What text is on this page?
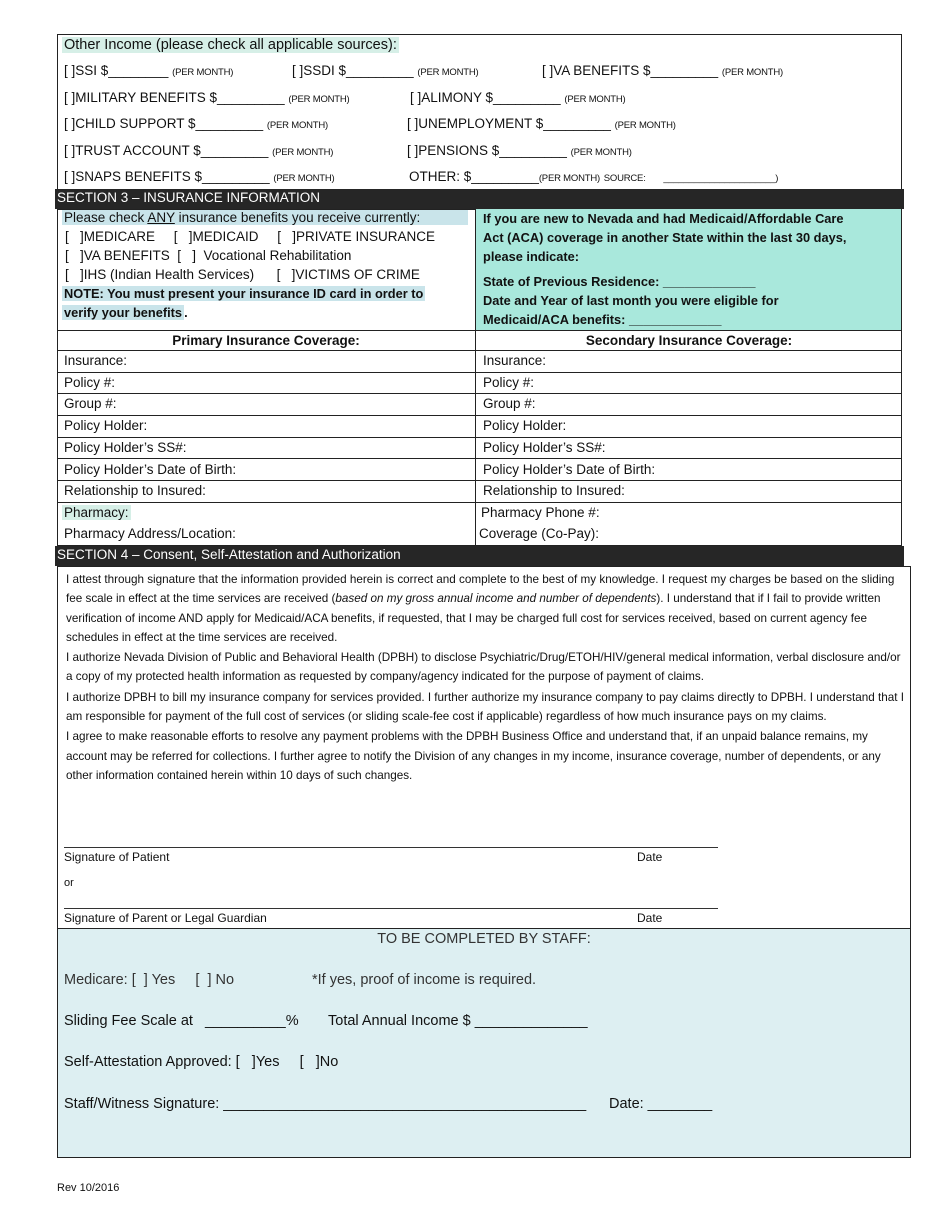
Other Income (please check all applicable sources):
[ ]SSI $________ (PER MONTH)	[ ]SSDI $_________ (PER MONTH)	[ ]VA BENEFITS $_________ (PER MONTH)
[ ]MILITARY BENEFITS $_________ (PER MONTH)	[ ]ALIMONY $_________ (PER MONTH)
[ ]CHILD SUPPORT $_________ (PER MONTH)	[ ]UNEMPLOYMENT $_________ (PER MONTH)
[ ]TRUST ACCOUNT $_________ (PER MONTH)	[ ]PENSIONS $_________ (PER MONTH)
[ ]SNAPS BENEFITS $_________ (PER MONTH)	OTHER: $_________(PER MONTH) SOURCE: ______________________)
SECTION 3 – INSURANCE INFORMATION
Please check ANY insurance benefits you receive currently:
[   ]MEDICARE     [   ]MEDICAID     [   ]PRIVATE INSURANCE
[   ]VA BENEFITS  [   ]  Vocational Rehabilitation
[   ]IHS (Indian Health Services)      [   ]VICTIMS OF CRIME
NOTE: You must present your insurance ID card in order to
verify your benefits .
If you are new to Nevada and had Medicaid/Affordable Care
Act (ACA) coverage in another State within the last 30 days,
please indicate:
State of Previous Residence: _____________
Date and Year of last month you were eligible for
Medicaid/ACA benefits: _____________
Primary Insurance Coverage:	Secondary Insurance Coverage:
Insurance:	Insurance:
Policy #:	Policy #:
Group #:	Group #:
Policy Holder:	Policy Holder:
Policy Holder’s SS#:	Policy Holder’s SS#:
Policy Holder’s Date of Birth:	Policy Holder’s Date of Birth:
Relationship to Insured:	Relationship to Insured:
Pharmacy:	Pharmacy Phone #:
Pharmacy Address/Location:	Coverage (Co-Pay):
SECTION 4 – Consent, Self-Attestation and Authorization

I attest through signature that the information provided herein is correct and complete to the best of my knowledge. I request my charges be based on the sliding fee scale in effect at the time services are received (based on my gross annual income and number of dependents). I understand that if I fail to provide written verification of income AND apply for Medicaid/ACA benefits, if requested, that I may be charged full cost for services received, based on current agency fee schedules in effect at the time services are received.

I authorize Nevada Division of Public and Behavioral Health (DPBH) to disclose Psychiatric/Drug/ETOH/HIV/general medical information, verbal disclosure and/or a copy of my protected health information as requested by company/agency indicated for the purpose of payment of claims.

I authorize DPBH to bill my insurance company for services provided. I further authorize my insurance company to pay claims directly to DPBH. I understand that I am responsible for payment of the full cost of services (or sliding scale-fee cost if applicable) regardless of how much insurance pays on my claims.

I agree to make reasonable efforts to resolve any payment problems with the DPBH Business Office and understand that, if an unpaid balance remains, my account may be referred for collections. I further agree to notify the Division of any changes in my income, insurance coverage, number of dependents, or any other information contained herein within 10 days of such changes.

Signature of Patient	Date
or
Signature of Parent or Legal Guardian	Date
TO BE COMPLETED BY STAFF:
Medicare: [  ] Yes     [  ] No	*If yes, proof of income is required.
Sliding Fee Scale at   __________% Total Annual Income $ ______________
Self-Attestation Approved: [   ]Yes     [   ]No
Staff/Witness Signature: _____________________________________________ Date: ________
Rev 10/2016
